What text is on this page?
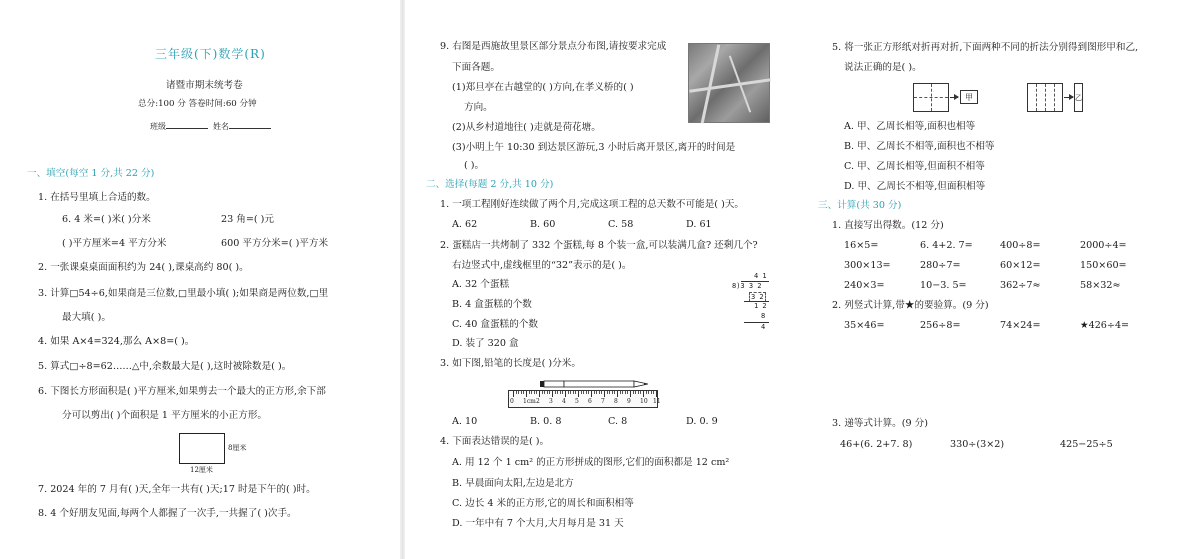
三年级(下)数学(R)
诸暨市期末统考卷
总分:100 分 答卷时间:60 分钟
班级	姓名
一、填空(每空 1 分,共 22 分)
1. 在括号里填上合适的数。
6. 4 米=( )米( )分米	23 角=( )元
( )平方厘米=4 平方分米	600 平方分米=( )平方米
2. 一张课桌桌面面积约为 24( ),课桌高约 80( )。
3. 计算□54÷6,如果商是三位数,□里最小填( );如果商是两位数,□里
最大填( )。
4. 如果 A×4=324,那么 A×8=( )。
5. 算式□÷8=62……△中,余数最大是( ),这时被除数是( )。
6. 下图长方形面积是( )平方厘米,如果剪去一个最大的正方形,余下部
分可以剪出( )个面积是 1 平方厘米的小正方形。
8厘米
12厘米
7. 2024 年的 7 月有( )天,全年一共有( )天;17 时是下午的( )时。
8. 4 个好朋友见面,每两个人都握了一次手,一共握了( )次手。
9. 右图是西施故里景区部分景点分布图,请按要求完成
下面各题。
(1)郑旦亭在古越堂的( )方向,在孝义桥的( )
方向。
(2)从乡村道地往( )走就是荷花塘。
(3)小明上午 10:30 到达景区游玩,3 小时后离开景区,离开的时间是
( )。
二、选择(每题 2 分,共 10 分)
1. 一项工程刚好连续做了两个月,完成这项工程的总天数不可能是( )天。
A. 62	B. 60	C. 58	D. 61
2. 蛋糕店一共烤制了 332 个蛋糕,每 8 个装一盒,可以装满几盒? 还剩几个?
右边竖式中,虚线框里的“32”表示的是( )。
A. 32 个蛋糕
B. 4 盒蛋糕的个数
C. 40 盒蛋糕的个数
D. 装了 320 盒
3. 如下图,铅笔的长度是( )分米。
A. 10	B. 0. 8	C. 8	D. 0. 9
4. 下面表达错误的是( )。
A. 用 12 个 1 cm² 的正方形拼成的图形,它们的面积都是 12 cm²
B. 早晨面向太阳,左边是北方
C. 边长 4 米的正方形,它的周长和面积相等
D. 一年中有 7 个大月,大月每月是 31 天
4 1
8)3 3 2
3 2
1 2
8
4
0 1cm 2 3 4 5 6 7 8 9 10 11
5. 将一张正方形纸对折再对折,下面两种不同的折法分别得到图形甲和乙,
说法正确的是( )。
A. 甲、乙周长相等,面积也相等
B. 甲、乙周长不相等,面积也不相等
C. 甲、乙周长相等,但面积不相等
D. 甲、乙周长不相等,但面积相等
三、计算(共 30 分)
1. 直接写出得数。(12 分)
16×5=	6. 4+2. 7=	400÷8=	2000÷4=
300×13=	280÷7=	60×12=	150×60=
240×3=	10−3. 5=	362÷7≈	58×32≈
2. 列竖式计算,带★的要验算。(9 分)
35×46=	256÷8=	74×24=	★426÷4=
3. 递等式计算。(9 分)
46+(6. 2+7. 8)	330÷(3×2)	425−25÷5
甲	乙
